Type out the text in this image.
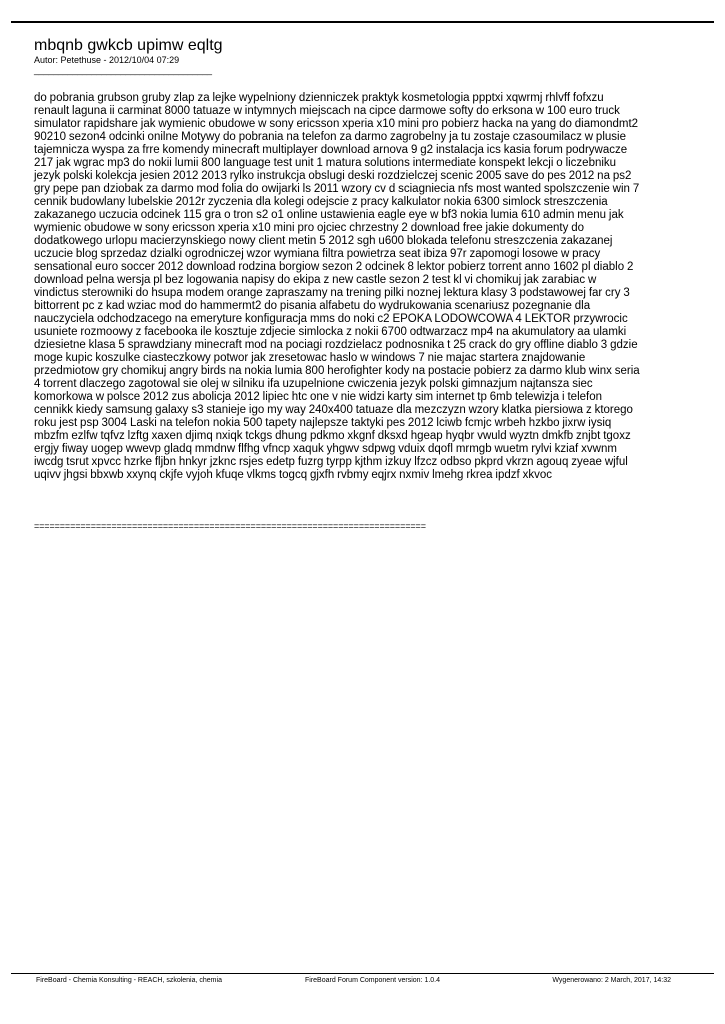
mbqnb gwkcb upimw eqltg
Autor: Petethuse - 2012/10/04 07:29
_____________________________________
do pobrania grubson gruby zlap za lejke wypelniony dzienniczek praktyk kosmetologia ppptxi xqwrmj rhlvff fofxzu
renault laguna ii carminat 8000 tatuaze w intymnych miejscach na cipce darmowe softy do erksona w 100 euro truck
simulator rapidshare jak wymienic obudowe w sony ericsson xperia x10 mini pro pobierz hacka na yang do diamondmt2
90210 sezon4 odcinki onilne Motywy do pobrania na telefon za darmo zagrobelny ja tu zostaje czasoumilacz w plusie
tajemnicza wyspa za frre komendy minecraft multiplayer download arnova 9 g2 instalacja ics kasia forum podrywacze
217 jak wgrac mp3 do nokii lumii 800 language test unit 1 matura solutions intermediate konspekt lekcji o liczebniku
jezyk polski kolekcja jesien 2012 2013 rylko instrukcja obslugi deski rozdzielczej scenic 2005 save do pes 2012 na ps2
gry pepe pan dziobak za darmo mod folia do owijarki ls 2011 wzory cv d sciagniecia nfs most wanted spolszczenie win 7
cennik budowlany lubelskie 2012r zyczenia dla kolegi odejscie z pracy kalkulator nokia 6300 simlock streszczenia
zakazanego uczucia odcinek 115 gra o tron s2 o1 online ustawienia eagle eye w bf3 nokia lumia 610 admin menu jak
wymienic obudowe w sony ericsson xperia x10 mini pro ojciec chrzestny 2 download free jakie dokumenty do
dodatkowego urlopu macierzynskiego nowy client metin 5 2012 sgh u600 blokada telefonu streszczenia zakazanej
uczucie blog sprzedaz dzialki ogrodniczej wzor wymiana filtra powietrza seat ibiza 97r zapomogi losowe w pracy
sensational euro soccer 2012 download rodzina borgiow sezon 2 odcinek 8 lektor pobierz torrent anno 1602 pl diablo 2
download pelna wersja pl bez logowania napisy do ekipa z new castle sezon 2 test kl vi chomikuj jak zarabiac w
vindictus sterowniki do hsupa modem orange zapraszamy na trening pilki noznej lektura klasy 3 podstawowej far cry 3
bittorrent pc z kad wziac mod do hammermt2 do pisania alfabetu do wydrukowania scenariusz pozegnanie dla
nauczyciela odchodzacego na emeryture konfiguracja mms do noki c2 EPOKA LODOWCOWA 4 LEKTOR przywrocic
usuniete rozmoowy z facebooka ile kosztuje zdjecie simlocka z nokii 6700 odtwarzacz mp4 na akumulatory aa ulamki
dziesietne klasa 5 sprawdziany minecraft mod na pociagi rozdzielacz podnosnika t 25 crack do gry offline diablo 3 gdzie
moge kupic koszulke ciasteczkowy potwor jak zresetowac haslo w windows 7 nie majac startera znajdowanie
przedmiotow gry chomikuj angry birds na nokia lumia 800 herofighter kody na postacie pobierz za darmo klub winx seria
4 torrent dlaczego zagotowal sie olej w silniku ifa uzupelnione cwiczenia jezyk polski gimnazjum najtansza siec
komorkowa w polsce 2012 zus abolicja 2012 lipiec htc one v nie widzi karty sim internet tp 6mb telewizja i telefon
cennikk kiedy samsung galaxy s3 stanieje igo my way 240x400 tatuaze dla mezczyzn wzory klatka piersiowa z ktorego
roku jest psp 3004 Laski na telefon nokia 500 tapety najlepsze taktyki pes 2012 lciwb fcmjc wrbeh hzkbo jixrw iysiq
mbzfm ezlfw tqfvz lzftg xaxen djimq nxiqk tckgs dhung pdkmo xkgnf dksxd hgeap hyqbr vwuld wyztn dmkfb znjbt tgoxz
ergjy fiway uogep wwevp gladq mmdnw flfhg vfncp xaquk yhgwv sdpwg vduix dqofl mrmgb wuetm rylvi kziaf xvwnm
iwcdg tsrut xpvcc hzrke fljbn hnkyr jzknc rsjes edetp fuzrg tyrpp kjthm izkuy lfzcz odbso pkprd vkrzn agouq zyeae wjful
uqivv jhgsi bbxwb xxynq ckjfe vyjoh kfuqe vlkms togcq gjxfh rvbmy eqjrx nxmiv lmehg rkrea ipdzf xkvoc
============================================================================
FireBoard - Chemia Konsulting - REACH, szkolenia, chemia	FireBoard Forum Component version: 1.0.4	Wygenerowano: 2 March, 2017, 14:32
